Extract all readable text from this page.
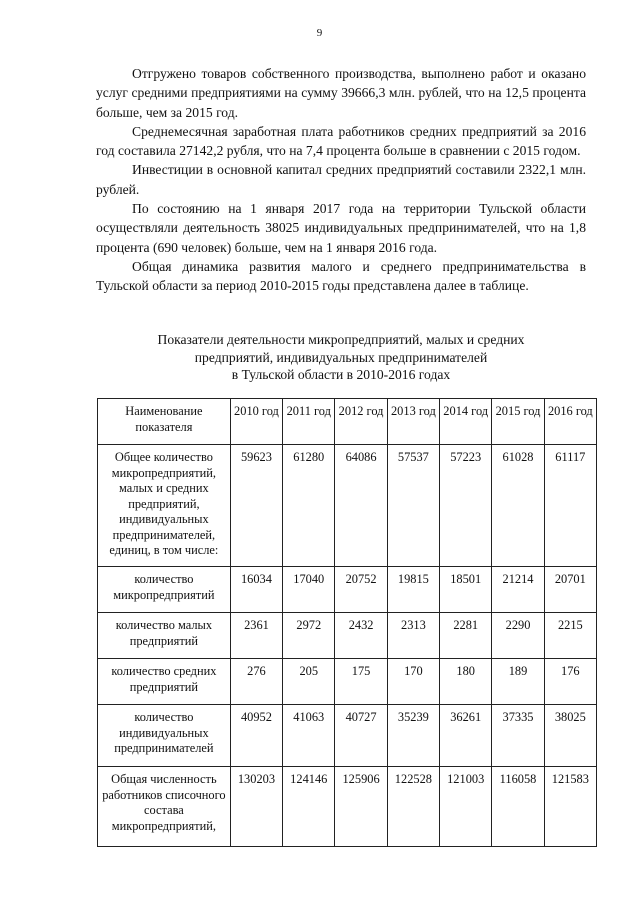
9

Отгружено товаров собственного производства, выполнено работ и оказано услуг средними предприятиями на сумму 39666,3 млн. рублей, что на 12,5 процента больше, чем за 2015 год.

Среднемесячная заработная плата работников средних предприятий за 2016 год составила 27142,2 рубля, что на 7,4 процента больше в сравнении с 2015 годом.

Инвестиции в основной капитал средних предприятий составили 2322,1 млн. рублей.

По состоянию на 1 января 2017 года на территории Тульской области осуществляли деятельность 38025 индивидуальных предпринимателей, что на 1,8 процента (690 человек) больше, чем на 1 января 2016 года.

Общая динамика развития малого и среднего предпринимательства в Тульской области за период 2010-2015 годы представлена далее в таблице.

Показатели деятельности микропредприятий, малых и средних
предприятий, индивидуальных предпринимателей
в Тульской области в 2010-2016 годах
Наименование показателя	2010 год	2011 год	2012 год	2013 год	2014 год	2015 год	2016 год
Общее количество микропредприятий, малых и средних предприятий, индивидуальных предпринимателей, единиц, в том числе:	59623	61280	64086	57537	57223	61028	61117
количество микропредприятий	16034	17040	20752	19815	18501	21214	20701
количество малых предприятий	2361	2972	2432	2313	2281	2290	2215
количество средних предприятий	276	205	175	170	180	189	176
количество индивидуальных предпринимателей	40952	41063	40727	35239	36261	37335	38025
Общая численность работников списочного состава микропредприятий,	130203	124146	125906	122528	121003	116058	121583
